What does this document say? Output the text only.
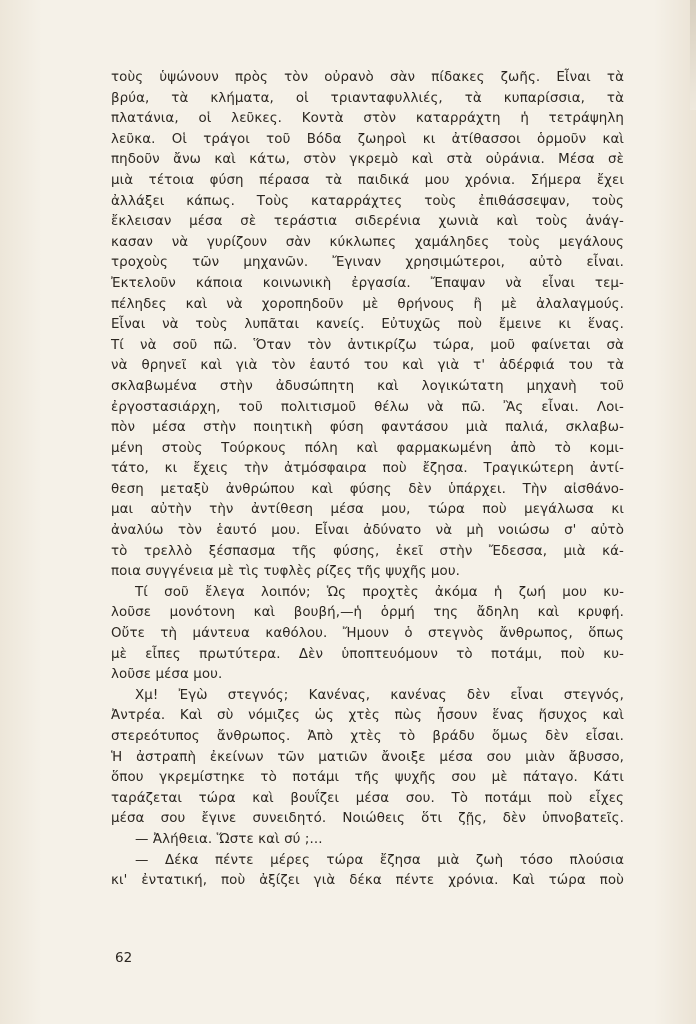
τοὺς ὑψώνουν πρὸς τὸν οὐρανὸ σὰν πίδακες ζωῆς. Εἶναι τὰ
βρύα, τὰ κλήματα, οἱ τριανταφυλλιές, τὰ κυπαρίσσια, τὰ
πλατάνια, οἱ λεῦκες. Κοντὰ στὸν καταρράχτη ἡ τετράψηλη
λεῦκα. Οἱ τράγοι τοῦ Βόδα ζωηροὶ κι ἀτίθασσοι ὁρμοῦν καὶ
πηδοῦν ἄνω καὶ κάτω, στὸν γκρεμὸ καὶ στὰ οὐράνια. Μέσα σὲ
μιὰ τέτοια φύση πέρασα τὰ παιδικά μου χρόνια. Σήμερα ἔχει
ἀλλάξει κάπως. Τοὺς καταρράχτες τοὺς ἐπιθάσσεψαν, τοὺς
ἔκλεισαν μέσα σὲ τεράστια σιδερένια χωνιὰ καὶ τοὺς ἀνάγ-
κασαν νὰ γυρίζουν σὰν κύκλωπες χαμάληδες τοὺς μεγάλους
τροχοὺς τῶν μηχανῶν. Ἔγιναν χρησιμώτεροι, αὐτὸ εἶναι.
Ἐκτελοῦν κάποια κοινωνικὴ ἐργασία. Ἔπαψαν νὰ εἶναι τεμ-
πέληδες καὶ νὰ χοροπηδοῦν μὲ θρήνους ἢ μὲ ἀλαλαγμούς.
Εἶναι νὰ τοὺς λυπᾶται κανείς. Εὐτυχῶς ποὺ ἔμεινε κι ἕνας.
Τί νὰ σοῦ πῶ. Ὅταν τὸν ἀντικρίζω τώρα, μοῦ φαίνεται σὰ
νὰ θρηνεῖ καὶ γιὰ τὸν ἑαυτό του καὶ γιὰ τ' ἀδέρφιά του τὰ
σκλαβωμένα στὴν ἀδυσώπητη καὶ λογικώτατη μηχανὴ τοῦ
ἐργοστασιάρχη, τοῦ πολιτισμοῦ θέλω νὰ πῶ. Ἂς εἶναι. Λοι-
πὸν μέσα στὴν ποιητικὴ φύση φαντάσου μιὰ παλιά, σκλαβω-
μένη στοὺς Τούρκους πόλη καὶ φαρμακωμένη ἀπὸ τὸ κομι-
τάτο, κι ἔχεις τὴν ἀτμόσφαιρα ποὺ ἔζησα. Τραγικώτερη ἀντί-
θεση μεταξὺ ἀνθρώπου καὶ φύσης δὲν ὑπάρχει. Τὴν αἰσθάνο-
μαι αὐτὴν τὴν ἀντίθεση μέσα μου, τώρα ποὺ μεγάλωσα κι
ἀναλύω τὸν ἑαυτό μου. Εἶναι ἀδύνατο νὰ μὴ νοιώσω σ' αὐτὸ
τὸ τρελλὸ ξέσπασμα τῆς φύσης, ἐκεῖ στὴν Ἔδεσσα, μιὰ κά-
ποια συγγένεια μὲ τὶς τυφλὲς ρίζες τῆς ψυχῆς μου.
Τί σοῦ ἔλεγα λοιπόν; Ὡς προχτὲς ἀκόμα ἡ ζωή μου κυ-
λοῦσε μονότονη καὶ βουβή,—ἡ ὁρμή της ἄδηλη καὶ κρυφή.
Οὔτε τὴ μάντευα καθόλου. Ἤμουν ὁ στεγνὸς ἄνθρωπος, ὅπως
μὲ εἶπες πρωτύτερα. Δὲν ὑποπτευόμουν τὸ ποτάμι, ποὺ κυ-
λοῦσε μέσα μου.
Χμ! Ἐγὼ στεγνός; Κανένας, κανένας δὲν εἶναι στεγνός,
Ἀντρέα. Καὶ σὺ νόμιζες ὡς χτὲς πὼς ἦσουν ἕνας ἥσυχος καὶ
στερεότυπος ἄνθρωπος. Ἀπὸ χτὲς τὸ βράδυ ὅμως δὲν εἶσαι.
Ἡ ἀστραπὴ ἐκείνων τῶν ματιῶν ἄνοιξε μέσα σου μιὰν ἄβυσσο,
ὅπου γκρεμίστηκε τὸ ποτάμι τῆς ψυχῆς σου μὲ πάταγο. Κάτι
ταράζεται τώρα καὶ βουΐζει μέσα σου. Τὸ ποτάμι ποὺ εἶχες
μέσα σου ἔγινε συνειδητό. Νοιώθεις ὅτι ζῇς, δὲν ὑπνοβατεῖς.
— Ἀλήθεια. Ὥστε καὶ σύ ;...
— Δέκα πέντε μέρες τώρα ἔζησα μιὰ ζωὴ τόσο πλούσια
κι' ἐντατική, ποὺ ἀξίζει γιὰ δέκα πέντε χρόνια. Καὶ τώρα ποὺ
62
